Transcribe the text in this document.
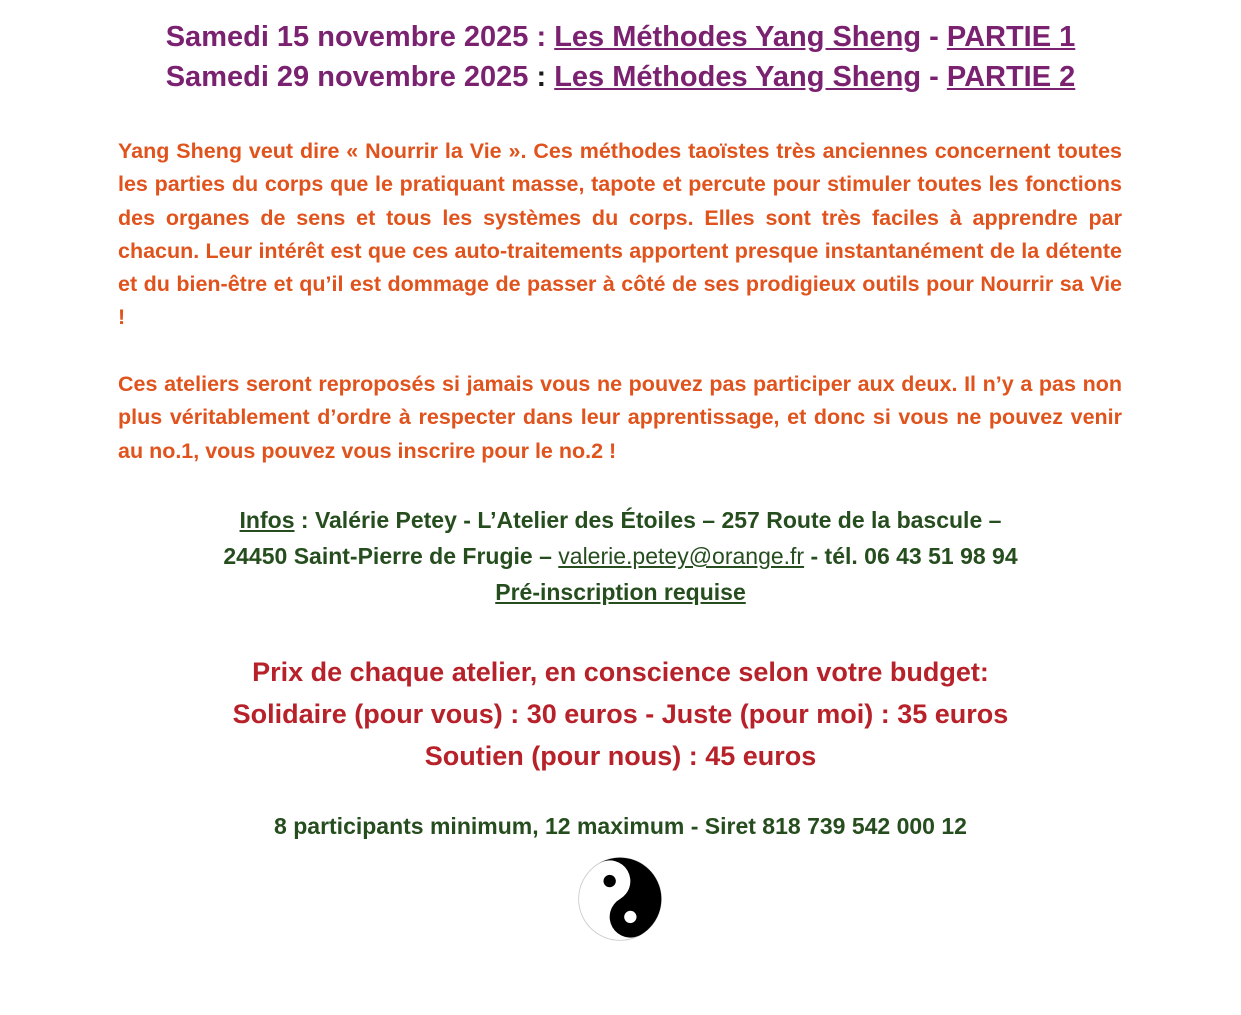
Samedi 15 novembre 2025 : Les Méthodes Yang Sheng - PARTIE 1
Samedi 29 novembre 2025 : Les Méthodes Yang Sheng - PARTIE 2

Yang Sheng veut dire « Nourrir la Vie ». Ces méthodes taoïstes très anciennes concernent toutes les parties du corps que le pratiquant masse, tapote et percute pour stimuler toutes les fonctions des organes de sens et tous les systèmes du corps. Elles sont très faciles à apprendre par chacun. Leur intérêt est que ces auto-traitements apportent presque instantanément de la détente et du bien-être et qu’il est dommage de passer à côté de ses prodigieux outils pour Nourrir sa Vie !

Ces ateliers seront reproposés si jamais vous ne pouvez pas participer aux deux. Il n’y a pas non plus véritablement d’ordre à respecter dans leur apprentissage, et donc si vous ne pouvez venir au no.1, vous pouvez vous inscrire pour le no.2 !

Infos : Valérie Petey - L’Atelier des Étoiles – 257 Route de la bascule –
24450 Saint-Pierre de Frugie – valerie.petey@orange.fr - tél. 06 43 51 98 94
Pré-inscription requise
Prix de chaque atelier, en conscience selon votre budget:
Solidaire (pour vous) : 30 euros - Juste (pour moi) : 35 euros
Soutien (pour nous) : 45 euros
8 participants minimum, 12 maximum - Siret 818 739 542 000 12
